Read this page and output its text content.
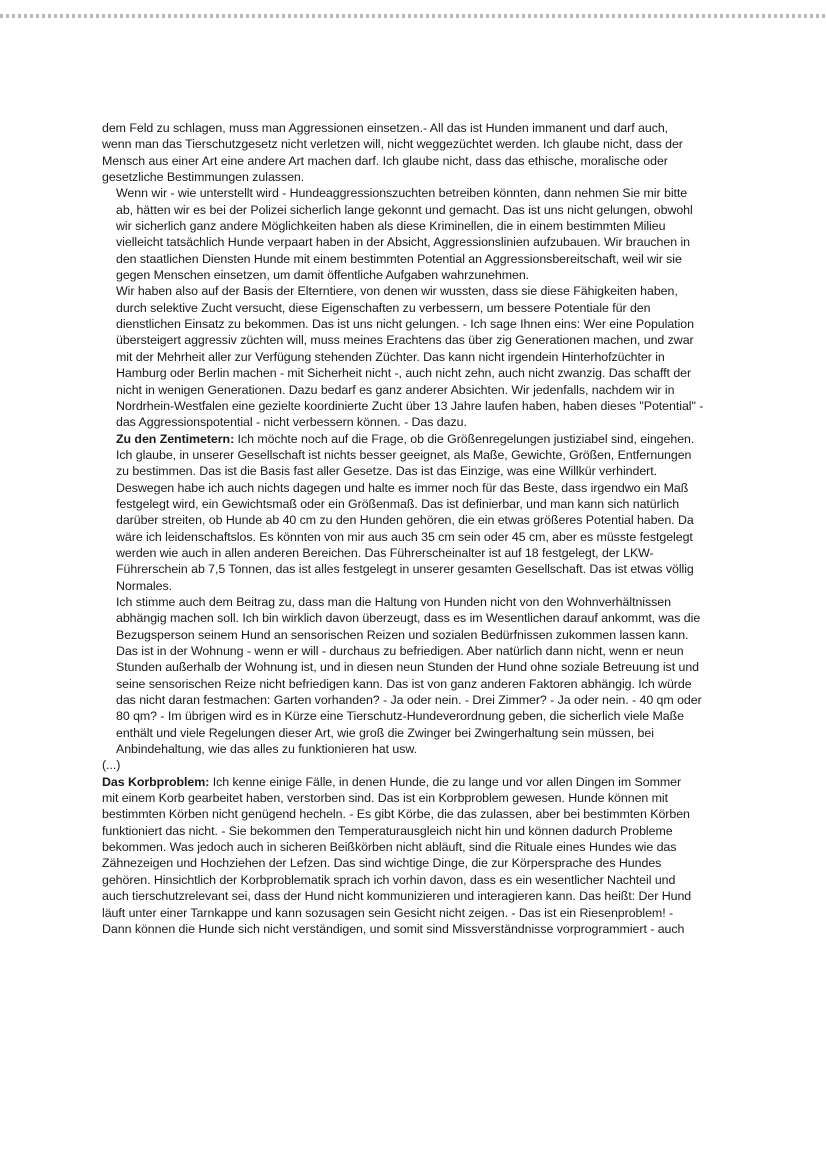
dem Feld zu schlagen, muss man Aggressionen einsetzen.- All das ist Hunden immanent und darf auch,
wenn man das Tierschutzgesetz nicht verletzen will, nicht weggezüchtet werden. Ich glaube nicht, dass der
Mensch aus einer Art eine andere Art machen darf. Ich glaube nicht, dass das ethische, moralische oder
gesetzliche Bestimmungen zulassen.

Wenn wir - wie unterstellt wird - Hundeaggressionszuchten betreiben könnten, dann nehmen Sie mir bitte
ab, hätten wir es bei der Polizei sicherlich lange gekonnt und gemacht. Das ist uns nicht gelungen, obwohl
wir sicherlich ganz andere Möglichkeiten haben als diese Kriminellen, die in einem bestimmten Milieu
vielleicht tatsächlich Hunde verpaart haben in der Absicht, Aggressionslinien aufzubauen. Wir brauchen in
den staatlichen Diensten Hunde mit einem bestimmten Potential an Aggressionsbereitschaft, weil wir sie
gegen Menschen einsetzen, um damit öffentliche Aufgaben wahrzunehmen.

Wir haben also auf der Basis der Elterntiere, von denen wir wussten, dass sie diese Fähigkeiten haben,
durch selektive Zucht versucht, diese Eigenschaften zu verbessern, um bessere Potentiale für den
dienstlichen Einsatz zu bekommen. Das ist uns nicht gelungen. - Ich sage Ihnen eins: Wer eine Population
übersteigert aggressiv züchten will, muss meines Erachtens das über zig Generationen machen, und zwar
mit der Mehrheit aller zur Verfügung stehenden Züchter. Das kann nicht irgendein Hinterhofzüchter in
Hamburg oder Berlin machen - mit Sicherheit nicht -, auch nicht zehn, auch nicht zwanzig. Das schafft der
nicht in wenigen Generationen. Dazu bedarf es ganz anderer Absichten. Wir jedenfalls, nachdem wir in
Nordrhein-Westfalen eine gezielte koordinierte Zucht über 13 Jahre laufen haben, haben dieses "Potential" -
das Aggressionspotential - nicht verbessern können. - Das dazu.

Zu den Zentimetern: Ich möchte noch auf die Frage, ob die Größenregelungen justiziabel sind, eingehen.
Ich glaube, in unserer Gesellschaft ist nichts besser geeignet, als Maße, Gewichte, Größen, Entfernungen
zu bestimmen. Das ist die Basis fast aller Gesetze. Das ist das Einzige, was eine Willkür verhindert.
Deswegen habe ich auch nichts dagegen und halte es immer noch für das Beste, dass irgendwo ein Maß
festgelegt wird, ein Gewichtsmaß oder ein Größenmaß. Das ist definierbar, und man kann sich natürlich
darüber streiten, ob Hunde ab 40 cm zu den Hunden gehören, die ein etwas größeres Potential haben. Da
wäre ich leidenschaftslos. Es könnten von mir aus auch 35 cm sein oder 45 cm, aber es müsste festgelegt
werden wie auch in allen anderen Bereichen. Das Führerscheinalter ist auf 18 festgelegt, der LKW-
Führerschein ab 7,5 Tonnen, das ist alles festgelegt in unserer gesamten Gesellschaft. Das ist etwas völlig
Normales.

Ich stimme auch dem Beitrag zu, dass man die Haltung von Hunden nicht von den Wohnverhältnissen
abhängig machen soll. Ich bin wirklich davon überzeugt, dass es im Wesentlichen darauf ankommt, was die
Bezugsperson seinem Hund an sensorischen Reizen und sozialen Bedürfnissen zukommen lassen kann.
Das ist in der Wohnung - wenn er will - durchaus zu befriedigen. Aber natürlich dann nicht, wenn er neun
Stunden außerhalb der Wohnung ist, und in diesen neun Stunden der Hund ohne soziale Betreuung ist und
seine sensorischen Reize nicht befriedigen kann. Das ist von ganz anderen Faktoren abhängig. Ich würde
das nicht daran festmachen: Garten vorhanden? - Ja oder nein. - Drei Zimmer? - Ja oder nein. - 40 qm oder
80 qm? - Im übrigen wird es in Kürze eine Tierschutz-Hundeverordnung geben, die sicherlich viele Maße
enthält und viele Regelungen dieser Art, wie groß die Zwinger bei Zwingerhaltung sein müssen, bei
Anbindehaltung, wie das alles zu funktionieren hat usw.

(...)

Das Korbproblem: Ich kenne einige Fälle, in denen Hunde, die zu lange und vor allen Dingen im Sommer
mit einem Korb gearbeitet haben, verstorben sind. Das ist ein Korbproblem gewesen. Hunde können mit
bestimmten Körben nicht genügend hecheln. - Es gibt Körbe, die das zulassen, aber bei bestimmten Körben
funktioniert das nicht. - Sie bekommen den Temperaturausgleich nicht hin und können dadurch Probleme
bekommen. Was jedoch auch in sicheren Beißkörben nicht abläuft, sind die Rituale eines Hundes wie das
Zähnezeigen und Hochziehen der Lefzen. Das sind wichtige Dinge, die zur Körpersprache des Hundes
gehören. Hinsichtlich der Korbproblematik sprach ich vorhin davon, dass es ein wesentlicher Nachteil und
auch tierschutzrelevant sei, dass der Hund nicht kommunizieren und interagieren kann. Das heißt: Der Hund
läuft unter einer Tarnkappe und kann sozusagen sein Gesicht nicht zeigen. - Das ist ein Riesenproblem! -
Dann können die Hunde sich nicht verständigen, und somit sind Missverständnisse vorprogrammiert - auch
